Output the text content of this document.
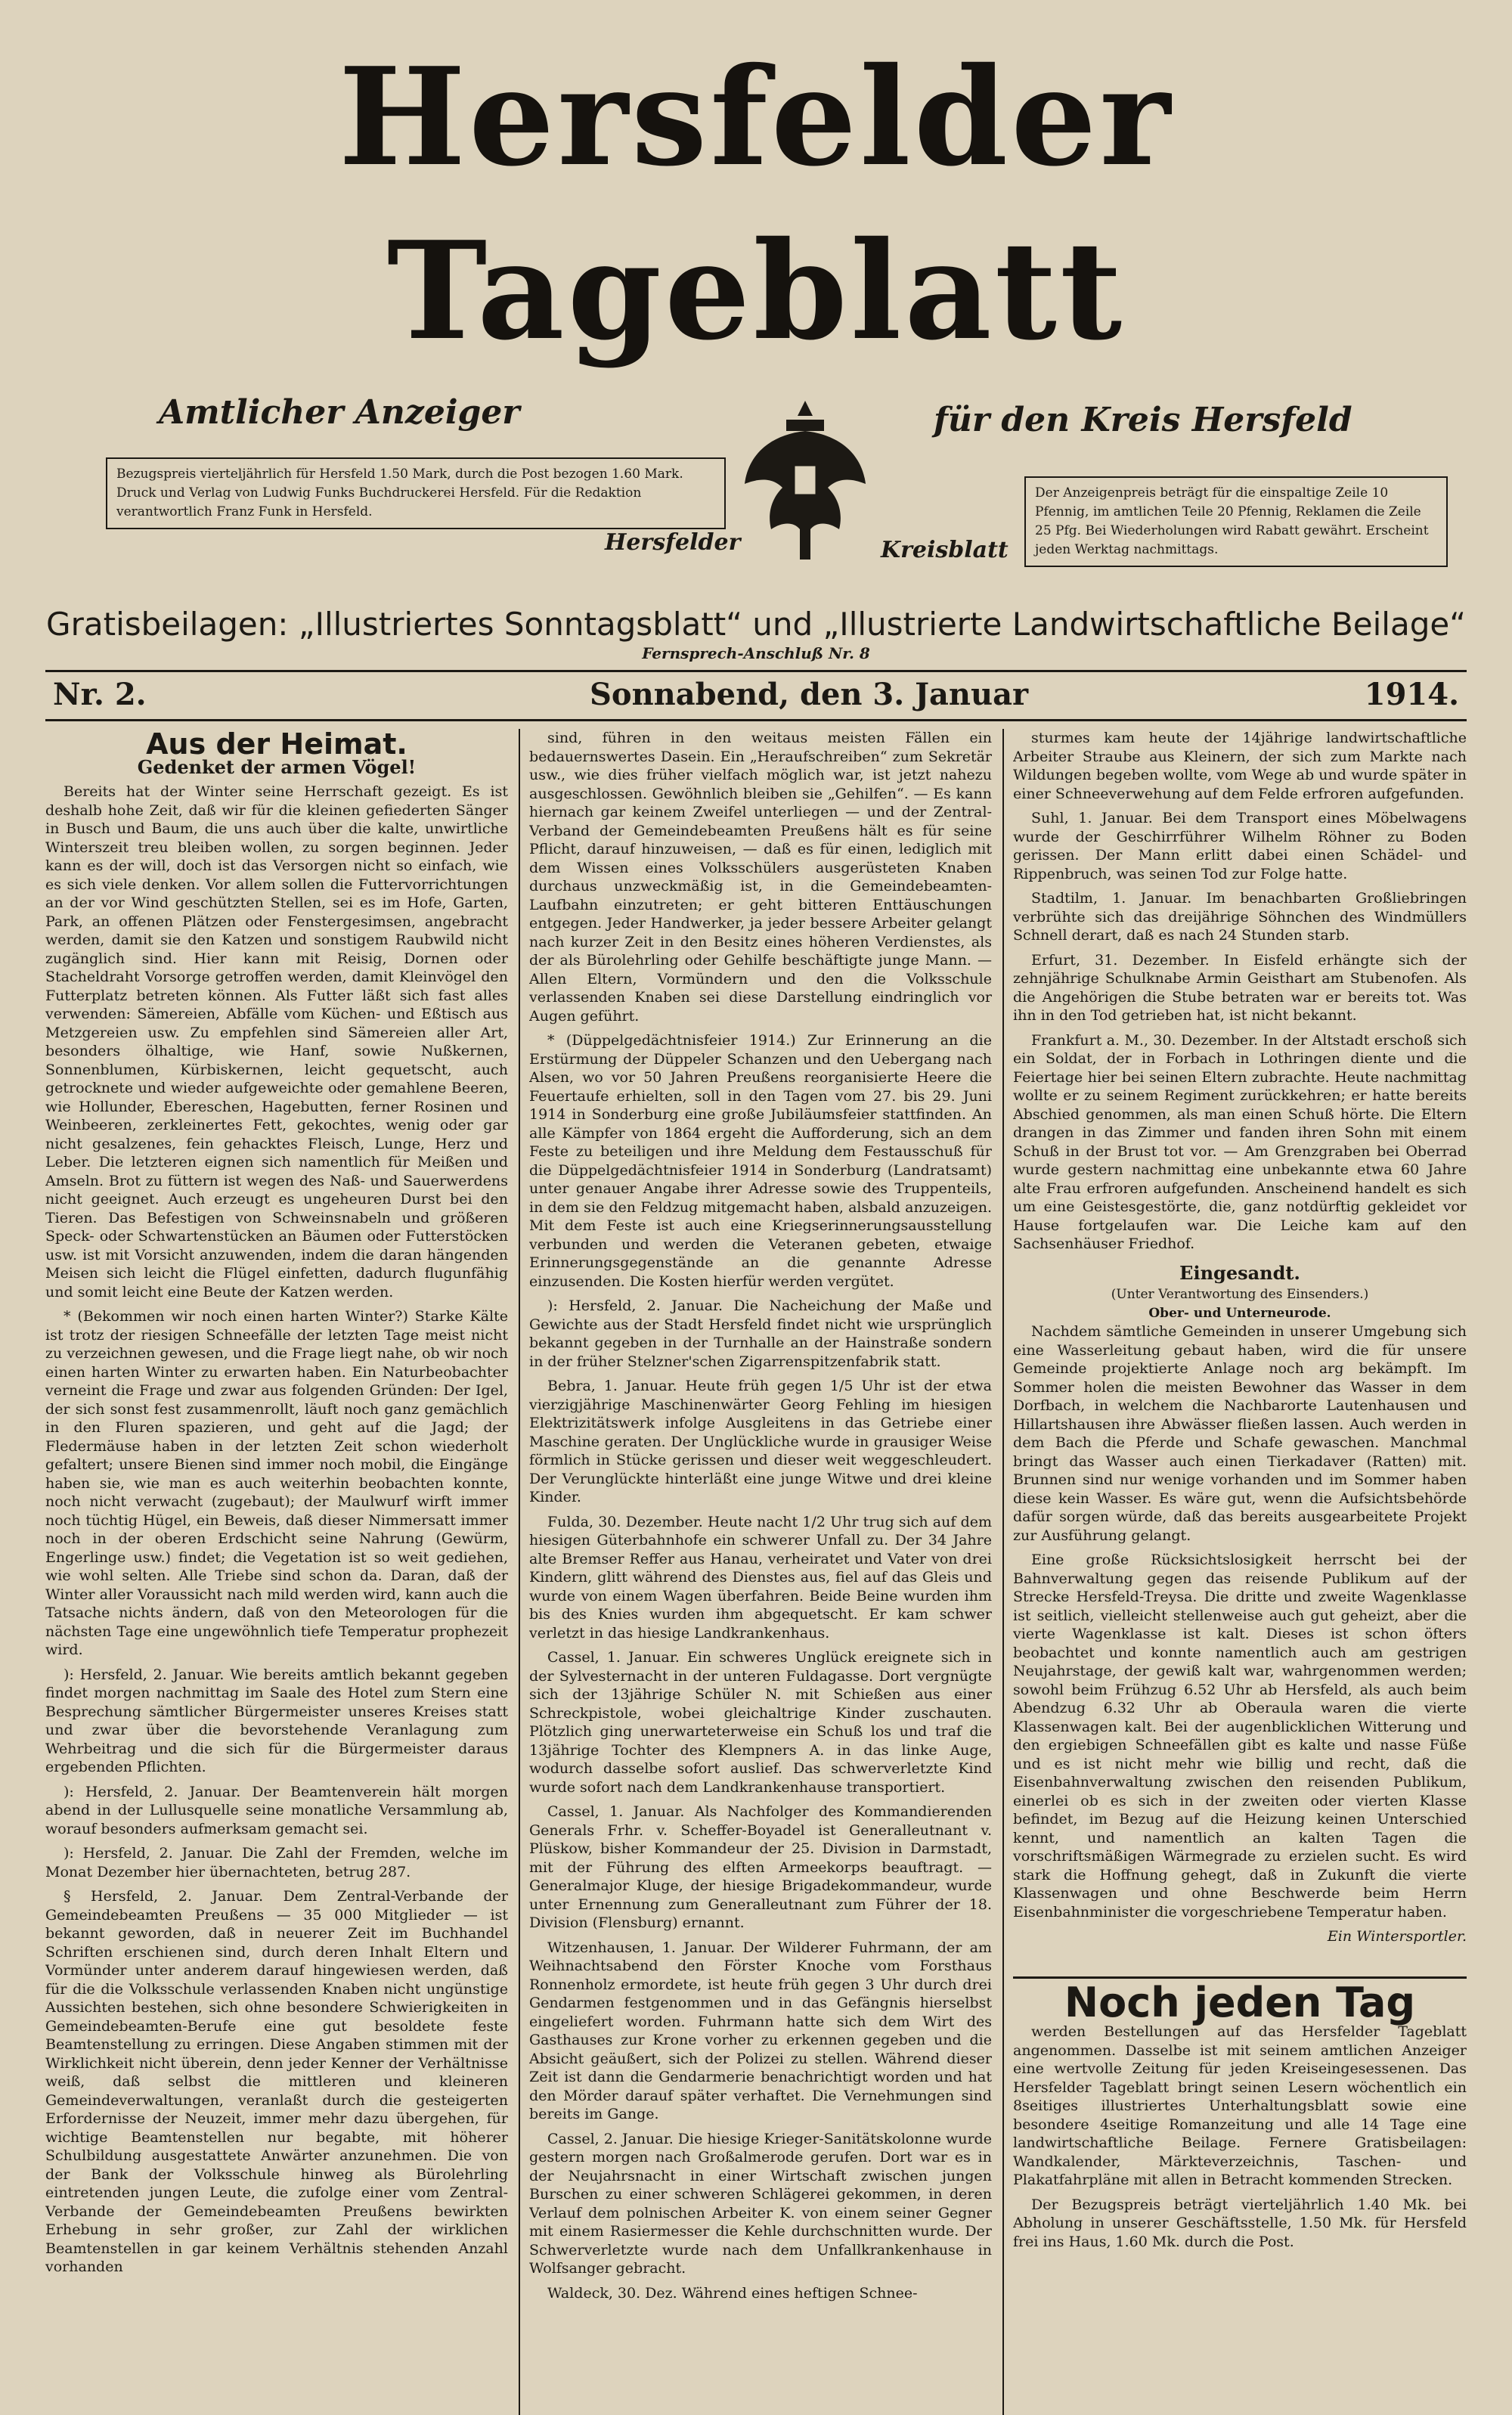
Hersfelder Tageblatt
Amtlicher Anzeiger	für den Kreis Hersfeld
Bezugspreis vierteljährlich für Hersfeld 1.50 Mark, durch die Post bezogen 1.60 Mark. Druck und Verlag von Ludwig Funks Buchdruckerei Hersfeld. Für die Redaktion verantwortlich Franz Funk in Hersfeld.
Hersfelder	Kreisblatt
Der Anzeigenpreis beträgt für die einspaltige Zeile 10 Pfennig, im amtlichen Teile 20 Pfennig, Reklamen die Zeile 25 Pfg. Bei Wiederholungen wird Rabatt gewährt. Erscheint jeden Werktag nachmittags.
Gratisbeilagen: „Illustriertes Sonntagsblatt“ und „Illustrierte Landwirtschaftliche Beilage“
Fernsprech-Anschluß Nr. 8
Nr. 2.	Sonnabend, den 3. Januar	1914.
Aus der Heimat.
Gedenket der armen Vögel!

Bereits hat der Winter seine Herrschaft gezeigt. Es ist deshalb hohe Zeit, daß wir für die kleinen gefiederten Sänger in Busch und Baum, die uns auch über die kalte, unwirtliche Winterszeit treu bleiben wollen, zu sorgen beginnen. Jeder kann es der will, doch ist das Versorgen nicht so einfach, wie es sich viele denken. Vor allem sollen die Futtervorrichtungen an der vor Wind geschützten Stellen, sei es im Hofe, Garten, Park, an offenen Plätzen oder Fenstergesimsen, angebracht werden, damit sie den Katzen und sonstigem Raubwild nicht zugänglich sind. Hier kann mit Reisig, Dornen oder Stacheldraht Vorsorge getroffen werden, damit Kleinvögel den Futterplatz betreten können. Als Futter läßt sich fast alles verwenden: Sämereien, Abfälle vom Küchen- und Eßtisch aus Metzgereien usw. Zu empfehlen sind Sämereien aller Art, besonders ölhaltige, wie Hanf, sowie Nußkernen, Sonnenblumen, Kürbiskernen, leicht gequetscht, auch getrocknete und wieder aufgeweichte oder gemahlene Beeren, wie Hollunder, Ebereschen, Hagebutten, ferner Rosinen und Weinbeeren, zerkleinertes Fett, gekochtes, wenig oder gar nicht gesalzenes, fein gehacktes Fleisch, Lunge, Herz und Leber. Die letzteren eignen sich namentlich für Meißen und Amseln. Brot zu füttern ist wegen des Naß- und Sauerwerdens nicht geeignet. Auch erzeugt es ungeheuren Durst bei den Tieren. Das Befestigen von Schweinsnabeln und größeren Speck- oder Schwartenstücken an Bäumen oder Futterstöcken usw. ist mit Vorsicht anzuwenden, indem die daran hängenden Meisen sich leicht die Flügel einfetten, dadurch flugunfähig und somit leicht eine Beute der Katzen werden.

* (Bekommen wir noch einen harten Winter?) Starke Kälte ist trotz der riesigen Schneefälle der letzten Tage meist nicht zu verzeichnen gewesen, und die Frage liegt nahe, ob wir noch einen harten Winter zu erwarten haben. Ein Naturbeobachter verneint die Frage und zwar aus folgenden Gründen: Der Igel, der sich sonst fest zusammenrollt, läuft noch ganz gemächlich in den Fluren spazieren, und geht auf die Jagd; der Fledermäuse haben in der letzten Zeit schon wiederholt gefaltert; unsere Bienen sind immer noch mobil, die Eingänge haben sie, wie man es auch weiterhin beobachten konnte, noch nicht verwacht (zugebaut); der Maulwurf wirft immer noch tüchtig Hügel, ein Beweis, daß dieser Nimmersatt immer noch in der oberen Erdschicht seine Nahrung (Gewürm, Engerlinge usw.) findet; die Vegetation ist so weit gediehen, wie wohl selten. Alle Triebe sind schon da. Daran, daß der Winter aller Voraussicht nach mild werden wird, kann auch die Tatsache nichts ändern, daß von den Meteorologen für die nächsten Tage eine ungewöhnlich tiefe Temperatur prophezeit wird.

): Hersfeld, 2. Januar. Wie bereits amtlich bekannt gegeben findet morgen nachmittag im Saale des Hotel zum Stern eine Besprechung sämtlicher Bürgermeister unseres Kreises statt und zwar über die bevorstehende Veranlagung zum Wehrbeitrag und die sich für die Bürgermeister daraus ergebenden Pflichten.

): Hersfeld, 2. Januar. Der Beamtenverein hält morgen abend in der Lullusquelle seine monatliche Versammlung ab, worauf besonders aufmerksam gemacht sei.

): Hersfeld, 2. Januar. Die Zahl der Fremden, welche im Monat Dezember hier übernachteten, betrug 287.

§ Hersfeld, 2. Januar. Dem Zentral-Verbande der Gemeindebeamten Preußens — 35 000 Mitglieder — ist bekannt geworden, daß in neuerer Zeit im Buchhandel Schriften erschienen sind, durch deren Inhalt Eltern und Vormünder unter anderem darauf hingewiesen werden, daß für die die Volksschule verlassenden Knaben nicht ungünstige Aussichten bestehen, sich ohne besondere Schwierigkeiten in Gemeindebeamten-Berufe eine gut besoldete feste Beamtenstellung zu erringen. Diese Angaben stimmen mit der Wirklichkeit nicht überein, denn jeder Kenner der Verhältnisse weiß, daß selbst die mittleren und kleineren Gemeindeverwaltungen, veranlaßt durch die gesteigerten Erfordernisse der Neuzeit, immer mehr dazu übergehen, für wichtige Beamtenstellen nur begabte, mit höherer Schulbildung ausgestattete Anwärter anzunehmen. Die von der Bank der Volksschule hinweg als Bürolehrling eintretenden jungen Leute, die zufolge einer vom Zentral-Verbande der Gemeindebeamten Preußens bewirkten Erhebung in sehr großer, zur Zahl der wirklichen Beamtenstellen in gar keinem Verhältnis stehenden Anzahl vorhanden

sind, führen in den weitaus meisten Fällen ein bedauernswertes Dasein. Ein „Heraufschreiben“ zum Sekretär usw., wie dies früher vielfach möglich war, ist jetzt nahezu ausgeschlossen. Gewöhnlich bleiben sie „Gehilfen“. — Es kann hiernach gar keinem Zweifel unterliegen — und der Zentral-Verband der Gemeindebeamten Preußens hält es für seine Pflicht, darauf hinzuweisen, — daß es für einen, lediglich mit dem Wissen eines Volksschülers ausgerüsteten Knaben durchaus unzweckmäßig ist, in die Gemeindebeamten-Laufbahn einzutreten; er geht bitteren Enttäuschungen entgegen. Jeder Handwerker, ja jeder bessere Arbeiter gelangt nach kurzer Zeit in den Besitz eines höheren Verdienstes, als der als Bürolehrling oder Gehilfe beschäftigte junge Mann. — Allen Eltern, Vormündern und den die Volksschule verlassenden Knaben sei diese Darstellung eindringlich vor Augen geführt.

* (Düppelgedächtnisfeier 1914.) Zur Erinnerung an die Erstürmung der Düppeler Schanzen und den Uebergang nach Alsen, wo vor 50 Jahren Preußens reorganisierte Heere die Feuertaufe erhielten, soll in den Tagen vom 27. bis 29. Juni 1914 in Sonderburg eine große Jubiläumsfeier stattfinden. An alle Kämpfer von 1864 ergeht die Aufforderung, sich an dem Feste zu beteiligen und ihre Meldung dem Festausschuß für die Düppelgedächtnisfeier 1914 in Sonderburg (Landratsamt) unter genauer Angabe ihrer Adresse sowie des Truppenteils, in dem sie den Feldzug mitgemacht haben, alsbald anzuzeigen. Mit dem Feste ist auch eine Kriegserinnerungsausstellung verbunden und werden die Veteranen gebeten, etwaige Erinnerungsgegenstände an die genannte Adresse einzusenden. Die Kosten hierfür werden vergütet.

): Hersfeld, 2. Januar. Die Nacheichung der Maße und Gewichte aus der Stadt Hersfeld findet nicht wie ursprünglich bekannt gegeben in der Turnhalle an der Hainstraße sondern in der früher Stelzner'schen Zigarrenspitzenfabrik statt.

Bebra, 1. Januar. Heute früh gegen 1/5 Uhr ist der etwa vierzigjährige Maschinenwärter Georg Fehling im hiesigen Elektrizitätswerk infolge Ausgleitens in das Getriebe einer Maschine geraten. Der Unglückliche wurde in grausiger Weise förmlich in Stücke gerissen und dieser weit weggeschleudert. Der Verunglückte hinterläßt eine junge Witwe und drei kleine Kinder.

Fulda, 30. Dezember. Heute nacht 1/2 Uhr trug sich auf dem hiesigen Güterbahnhofe ein schwerer Unfall zu. Der 34 Jahre alte Bremser Reffer aus Hanau, verheiratet und Vater von drei Kindern, glitt während des Dienstes aus, fiel auf das Gleis und wurde von einem Wagen überfahren. Beide Beine wurden ihm bis des Knies wurden ihm abgequetscht. Er kam schwer verletzt in das hiesige Landkrankenhaus.

Cassel, 1. Januar. Ein schweres Unglück ereignete sich in der Sylvesternacht in der unteren Fuldagasse. Dort vergnügte sich der 13jährige Schüler N. mit Schießen aus einer Schreckpistole, wobei gleichaltrige Kinder zuschauten. Plötzlich ging unerwarteterweise ein Schuß los und traf die 13jährige Tochter des Klempners A. in das linke Auge, wodurch dasselbe sofort auslief. Das schwerverletzte Kind wurde sofort nach dem Landkrankenhause transportiert.

Cassel, 1. Januar. Als Nachfolger des Kommandierenden Generals Frhr. v. Scheffer-Boyadel ist Generalleutnant v. Plüskow, bisher Kommandeur der 25. Division in Darmstadt, mit der Führung des elften Armeekorps beauftragt. — Generalmajor Kluge, der hiesige Brigadekommandeur, wurde unter Ernennung zum Generalleutnant zum Führer der 18. Division (Flensburg) ernannt.

Witzenhausen, 1. Januar. Der Wilderer Fuhrmann, der am Weihnachtsabend den Förster Knoche vom Forsthaus Ronnenholz ermordete, ist heute früh gegen 3 Uhr durch drei Gendarmen festgenommen und in das Gefängnis hierselbst eingeliefert worden. Fuhrmann hatte sich dem Wirt des Gasthauses zur Krone vorher zu erkennen gegeben und die Absicht geäußert, sich der Polizei zu stellen. Während dieser Zeit ist dann die Gendarmerie benachrichtigt worden und hat den Mörder darauf später verhaftet. Die Vernehmungen sind bereits im Gange.

Cassel, 2. Januar. Die hiesige Krieger-Sanitätskolonne wurde gestern morgen nach Großalmerode gerufen. Dort war es in der Neujahrsnacht in einer Wirtschaft zwischen jungen Burschen zu einer schweren Schlägerei gekommen, in deren Verlauf dem polnischen Arbeiter K. von einem seiner Gegner mit einem Rasiermesser die Kehle durchschnitten wurde. Der Schwerverletzte wurde nach dem Unfallkrankenhause in Wolfsanger gebracht.

Waldeck, 30. Dez. Während eines heftigen Schnee-

sturmes kam heute der 14jährige landwirtschaftliche Arbeiter Straube aus Kleinern, der sich zum Markte nach Wildungen begeben wollte, vom Wege ab und wurde später in einer Schneeverwehung auf dem Felde erfroren aufgefunden.

Suhl, 1. Januar. Bei dem Transport eines Möbelwagens wurde der Geschirrführer Wilhelm Röhner zu Boden gerissen. Der Mann erlitt dabei einen Schädel- und Rippenbruch, was seinen Tod zur Folge hatte.

Stadtilm, 1. Januar. Im benachbarten Großliebringen verbrühte sich das dreijährige Söhnchen des Windmüllers Schnell derart, daß es nach 24 Stunden starb.

Erfurt, 31. Dezember. In Eisfeld erhängte sich der zehnjährige Schulknabe Armin Geisthart am Stubenofen. Als die Angehörigen die Stube betraten war er bereits tot. Was ihn in den Tod getrieben hat, ist nicht bekannt.

Frankfurt a. M., 30. Dezember. In der Altstadt erschoß sich ein Soldat, der in Forbach in Lothringen diente und die Feiertage hier bei seinen Eltern zubrachte. Heute nachmittag wollte er zu seinem Regiment zurückkehren; er hatte bereits Abschied genommen, als man einen Schuß hörte. Die Eltern drangen in das Zimmer und fanden ihren Sohn mit einem Schuß in der Brust tot vor. — Am Grenzgraben bei Oberrad wurde gestern nachmittag eine unbekannte etwa 60 Jahre alte Frau erfroren aufgefunden. Anscheinend handelt es sich um eine Geistesgestörte, die, ganz notdürftig gekleidet vor Hause fortgelaufen war. Die Leiche kam auf den Sachsenhäuser Friedhof.

Eingesandt.

(Unter Verantwortung des Einsenders.)

Ober- und Unterneurode.

Nachdem sämtliche Gemeinden in unserer Umgebung sich eine Wasserleitung gebaut haben, wird die für unsere Gemeinde projektierte Anlage noch arg bekämpft. Im Sommer holen die meisten Bewohner das Wasser in dem Dorfbach, in welchem die Nachbarorte Lautenhausen und Hillartshausen ihre Abwässer fließen lassen. Auch werden in dem Bach die Pferde und Schafe gewaschen. Manchmal bringt das Wasser auch einen Tierkadaver (Ratten) mit. Brunnen sind nur wenige vorhanden und im Sommer haben diese kein Wasser. Es wäre gut, wenn die Aufsichtsbehörde dafür sorgen würde, daß das bereits ausgearbeitete Projekt zur Ausführung gelangt.

Eine große Rücksichtslosigkeit herrscht bei der Bahnverwaltung gegen das reisende Publikum auf der Strecke Hersfeld-Treysa. Die dritte und zweite Wagenklasse ist seitlich, vielleicht stellenweise auch gut geheizt, aber die vierte Wagenklasse ist kalt. Dieses ist schon öfters beobachtet und konnte namentlich auch am gestrigen Neujahrstage, der gewiß kalt war, wahrgenommen werden; sowohl beim Frühzug 6.52 Uhr ab Hersfeld, als auch beim Abendzug 6.32 Uhr ab Oberaula waren die vierte Klassenwagen kalt. Bei der augenblicklichen Witterung und den ergiebigen Schneefällen gibt es kalte und nasse Füße und es ist nicht mehr wie billig und recht, daß die Eisenbahnverwaltung zwischen den reisenden Publikum, einerlei ob es sich in der zweiten oder vierten Klasse befindet, im Bezug auf die Heizung keinen Unterschied kennt, und namentlich an kalten Tagen die vorschriftsmäßigen Wärmegrade zu erzielen sucht. Es wird stark die Hoffnung gehegt, daß in Zukunft die vierte Klassenwagen und ohne Beschwerde beim Herrn Eisenbahnminister die vorgeschriebene Temperatur haben.

Ein Wintersportler.

Noch jeden Tag

werden Bestellungen auf das Hersfelder Tageblatt angenommen. Dasselbe ist mit seinem amtlichen Anzeiger eine wertvolle Zeitung für jeden Kreiseingesessenen. Das Hersfelder Tageblatt bringt seinen Lesern wöchentlich ein 8seitiges illustriertes Unterhaltungsblatt sowie eine besondere 4seitige Romanzeitung und alle 14 Tage eine landwirtschaftliche Beilage. Fernere Gratisbeilagen: Wandkalender, Märkteverzeichnis, Taschen- und Plakatfahrpläne mit allen in Betracht kommenden Strecken.

Der Bezugspreis beträgt vierteljährlich 1.40 Mk. bei Abholung in unserer Geschäftsstelle, 1.50 Mk. für Hersfeld frei ins Haus, 1.60 Mk. durch die Post.
